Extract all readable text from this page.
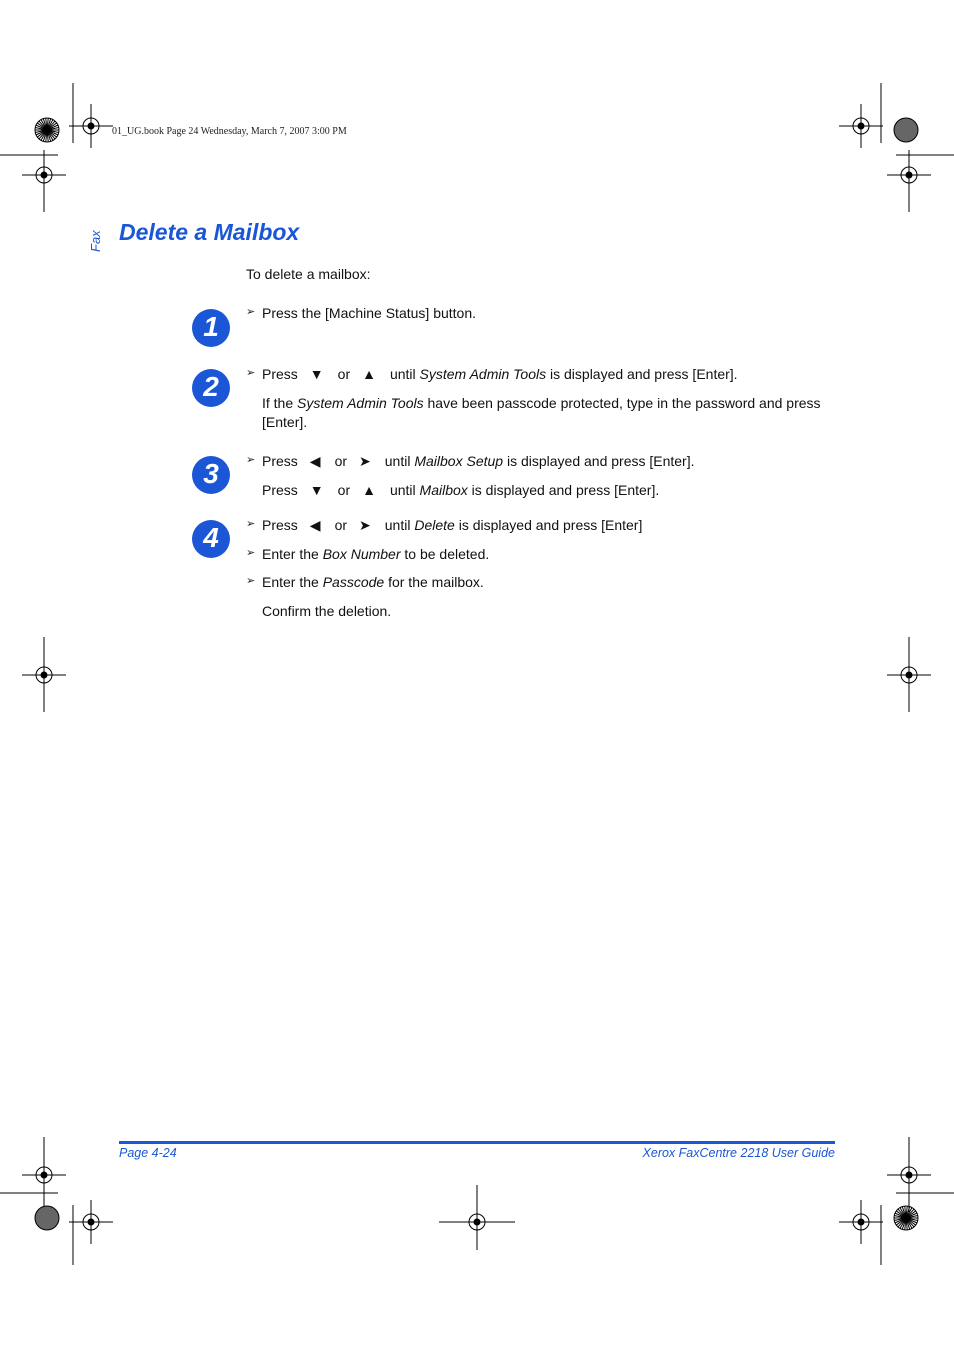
01_UG.book Page 24 Wednesday, March 7, 2007 3:00 PM
Fax Delete a Mailbox
To delete a mailbox:
1	➢ Press the [Machine Status] button.
2	➢ Press ▼ or ▲ until System Admin Tools is displayed and press [Enter].
If the System Admin Tools have been passcode protected, type in the password and press
[Enter].
3	➢ Press ◀ or ➤ until Mailbox Setup is displayed and press [Enter].
Press ▼ or ▲ until Mailbox is displayed and press [Enter].
4	➢ Press ◀ or ➤ until Delete is displayed and press [Enter]
➢ Enter the Box Number to be deleted.
➢ Enter the Passcode for the mailbox.
Confirm the deletion.
Page 4-24	Xerox FaxCentre 2218 User Guide
